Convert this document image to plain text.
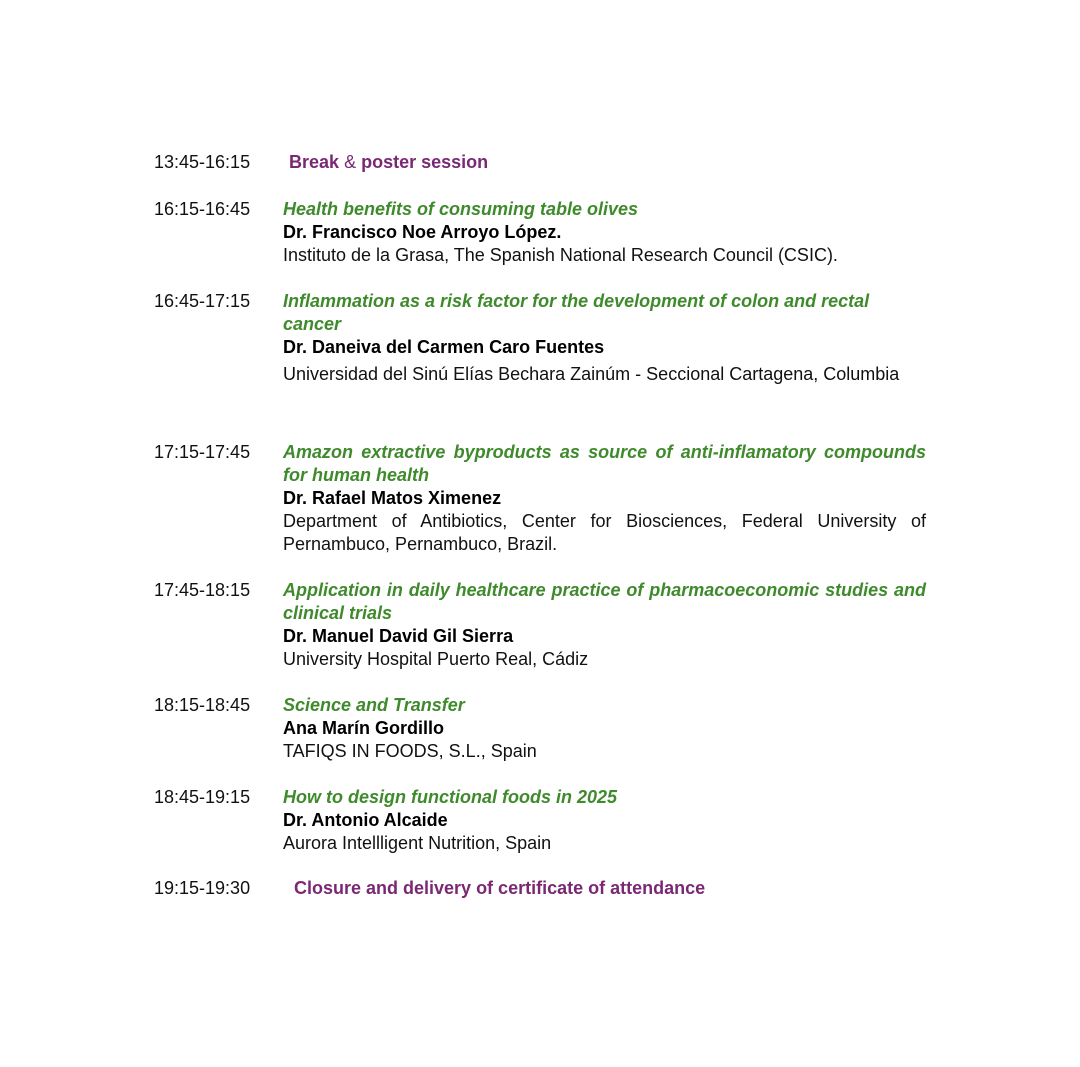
13:45-16:15 Break & poster session
16:15-16:45 Health benefits of consuming table olives

Dr. Francisco Noe Arroyo López.

Instituto de la Grasa, The Spanish National Research Council (CSIC).

16:45-17:15 Inflammation as a risk factor for the development of colon and rectal cancer

Dr. Daneiva del Carmen Caro Fuentes

Universidad del Sinú Elías Bechara Zainúm - Seccional Cartagena, Columbia

17:15-17:45 Amazon extractive byproducts as source of anti-inflamatory compounds for human health

Dr. Rafael Matos Ximenez

Department of Antibiotics, Center for Biosciences, Federal University of Pernambuco, Pernambuco, Brazil.

17:45-18:15 Application in daily healthcare practice of pharmacoeconomic studies and clinical trials

Dr. Manuel David Gil Sierra

University Hospital Puerto Real, Cádiz

18:15-18:45 Science and Transfer

Ana Marín Gordillo

TAFIQS IN FOODS, S.L., Spain

18:45-19:15 How to design functional foods in 2025

Dr. Antonio Alcaide

Aurora Intellligent Nutrition, Spain

19:15-19:30 Closure and delivery of certificate of attendance
